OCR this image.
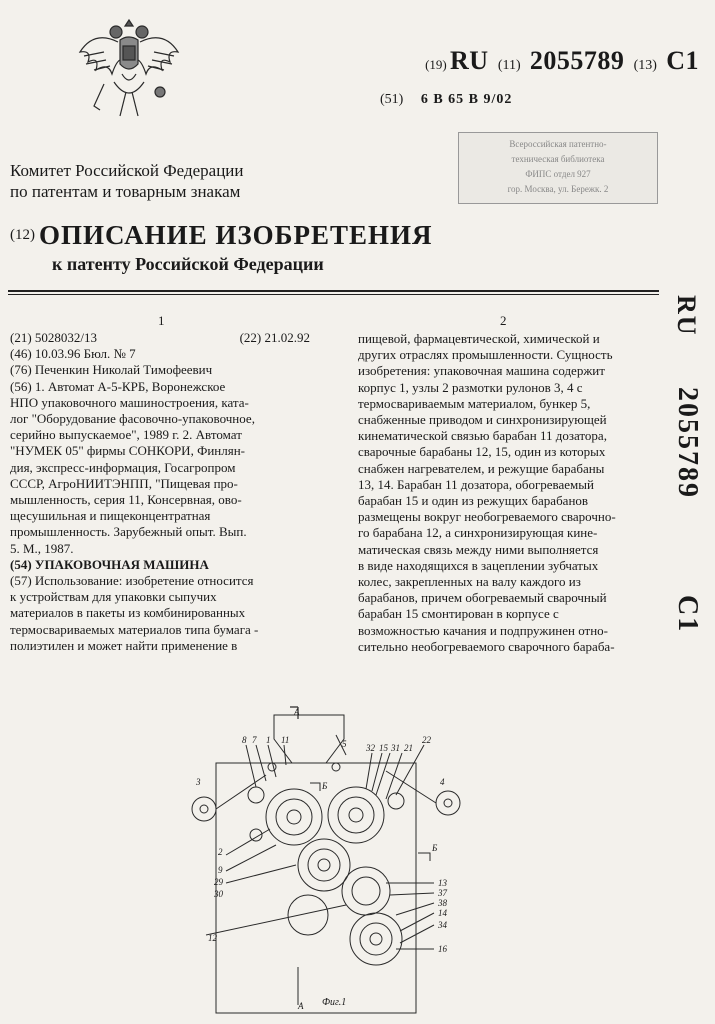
(19) RU (11) 2055789 (13) C1
(51) 6 B 65 B 9/02
Всероссийская патентно-
техническая библиотека
ФИПС отдел 927
гор. Москва, ул. Бережк. 2
Комитет Российской Федерации
по патентам и товарным знакам
(12) ОПИСАНИЕ ИЗОБРЕТЕНИЯ
к патенту Российской Федерации
RU
2055789
C1
1	2
(21) 5028032/13	(22) 21.02.92
(46) 10.03.96 Бюл. № 7
(76) Печенкин Николай Тимофеевич
(56) 1. Автомат А-5-КРБ, Воронежское
НПО упаковочного машиностроения, ката-
лог "Оборудование фасовочно-упаковочное,
серийно выпускаемое", 1989 г. 2. Автомат
"НУМЕК 05" фирмы СОНКОРИ, Финлян-
дия, экспресс-информация, Госагропром
СССР, АгроНИИТЭНПП, "Пищевая про-
мышленность, серия 11, Консервная, ово-
щесушильная и пищеконцентратная
промышленность. Зарубежный опыт. Вып.
5. М., 1987.
(54) УПАКОВОЧНАЯ МАШИНА
(57) Использование: изобретение относится
к устройствам для упаковки сыпучих
материалов в пакеты из комбинированных
термосвариваемых материалов типа бумага -
полиэтилен и может найти применение в
пищевой, фармацевтической, химической и
других отраслях промышленности. Сущность
изобретения: упаковочная машина содержит
корпус 1, узлы 2 размотки рулонов 3, 4 с
термосвариваемым материалом, бункер 5,
снабженные приводом и синхронизирующей
кинематической связью барабан 11 дозатора,
сварочные барабаны 12, 15, один из которых
снабжен нагревателем, и режущие барабаны
13, 14. Барабан 11 дозатора, обогреваемый
барабан 15 и один из режущих барабанов
размещены вокруг необогреваемого сварочно-
го барабана 12, а синхронизирующая кине-
матическая связь между ними выполняется
в виде находящихся в зацеплении зубчатых
колес, закрепленных на валу каждого из
барабанов, причем обогреваемый сварочный
барабан 15 смонтирован в корпусе с
возможностью качания и подпружинен отно-
сительно необогреваемого сварочного бараба-
А
А
Б
Б
8 7 1 11	5 32 15 31 21
22
3
2
9
29
30
12
4
13
37
38
14
34
16
Фиг.1
